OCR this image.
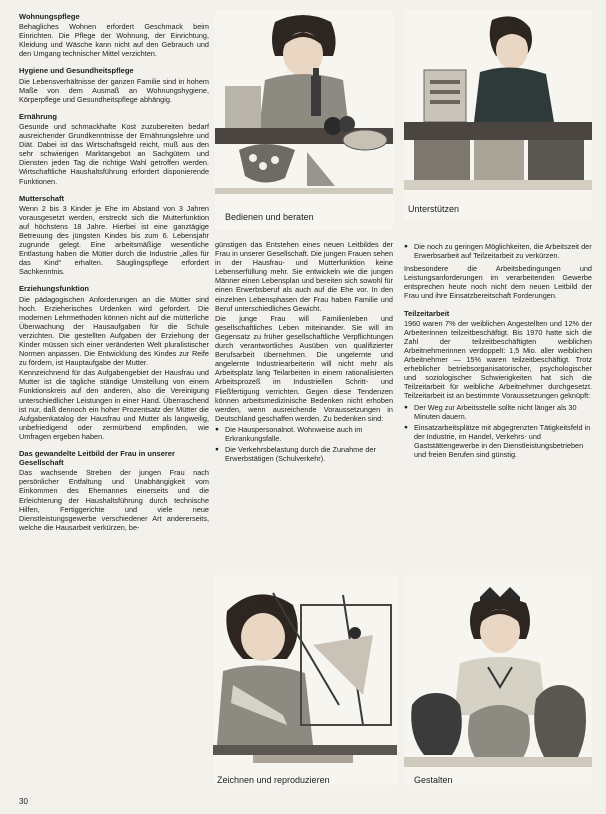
Wohnungspflege
Behagliches Wohnen erfordert Geschmack beim Einrichten. Die Pflege der Wohnung, der Einrichtung, Kleidung und Wäsche kann nicht auf den Gebrauch und den Umgang technischer Mittel verzichten.
Hygiene und Gesundheitspflege
Die Lebensverhältnisse der ganzen Familie sind in hohem Maße von dem Ausmaß an Wohnungshygiene, Körperpflege und Gesundheitspflege abhängig.
Ernährung
Gesunde und schmackhafte Kost zuzubereiten bedarf ausreichender Grundkenntnisse der Ernährungslehre und Diät. Dabei ist das Wirtschaftsgeld reicht, muß aus den sehr schwierigen Marktangebot an Sachgütern und Diensten jeden Tag die richtige Wahl getroffen werden. Wirtschaftliche Haushaltsführung erfordert disponierende Funktionen.
Mutterschaft
Wenn 2 bis 3 Kinder je Ehe im Abstand von 3 Jahren vorausgesetzt werden, erstreckt sich die Mutterfunktion auf höchstens 18 Jahre. Hierbei ist eine ganztägige Betreuung des jüngsten Kindes bis zum 6. Lebensjahr zugrunde gelegt. Eine arbeitsmäßige wesentliche Entlastung haben die Mütter durch die Industrie „alles für das Kind“ erhalten. Säuglingspflege erfordert Sachkenntnis.
Erziehungsfunktion
Die pädagogischen Anforderungen an die Mütter sind hoch. Erzieherisches Urdenken wird gefordert. Die modernen Lehrmethoden können nicht auf die mütterliche Überwachung der Hausaufgaben für die Schule verzichten. Die gestellten Aufgaben der Erziehung der Kinder müssen sich einer veränderten Welt pluralistischer Normen anpassen. Die Entwicklung des Kindes zur Reife zu fördern, ist Hauptaufgabe der Mutter.
Kennzeichnend für das Aufgabengebiet der Hausfrau und Mutter ist die tägliche ständige Umstellung von einem Funktionskreis auf den anderen, also die Vereinigung unterschiedlicher Leistungen in einer Hand. Überraschend ist nur, daß dennoch ein hoher Prozentsatz der Mütter die Aufgabenkatalog der Hausfrau und Mutter als langweilig, unbefriedigend oder zermürbend empfinden, wie Umfragen ergeben haben.
Das gewandelte Leitbild der Frau in unserer Gesellschaft
Das wachsende Streben der jungen Frau nach persönlicher Entfaltung und Unabhängigkeit vom Einkommen des Ehemannes einerseits und die Erleichterung der Haushaltsführung durch technische Hilfen, Fertiggerichte und viele neue Dienstleistungsgewerbe verschiedener Art andererseits, welche die Hausarbeit verkürzen, be-
Bedienen und beraten
Unterstützen
günstigen das Entstehen eines neuen Leitbildes der Frau in unserer Gesellschaft. Die jungen Frauen sehen in der Hausfrau- und Mutterfunktion keine Lebenserfüllung mehr. Sie entwickeln wie die jungen Männer einen Lebensplan und bereiten sich sowohl für einen Erwerbsberuf als auch auf die Ehe vor. In den einzelnen Lebensphasen der Frau haben Familie und Beruf unterschiedliches Gewicht.
Die junge Frau will Familienleben und gesellschaftliches Leben miteinander. Sie will im Gegensatz zu früher gesellschaftliche Verpflichtungen durch verantwortliches Ausüben von qualifizierter Berufsarbeit übernehmen. Die ungelernte und angelernte Industriearbeiterin will nicht mehr als Arbeitsplatz lang Teilarbeiten in einem rationalisierten Arbeitsprozeß im Industriellen Schritt- und Fließfertigung verrichten. Gegen diese Tendenzen können arbeitsmedizinische Bedenken nicht erhoben werden, wenn ausreichende Voraussetzungen in Deutschland geschaffen werden. Zu bedenken sind:
● Die Hauspersonalnot. Wohnweise auch im Erkrankungsfalle.
● Die Verkehrsbelastung durch die Zunahme der Erwerbstätigen (Schulverkehr).
● Die noch zu geringen Möglichkeiten, die Arbeitszeit der Erwerbsarbeit auf Teilzeitarbeit zu verkürzen.
Insbesondere die Arbeitsbedingungen und Leistungsanforderungen im verarbeitenden Gewerbe entsprechen heute noch nicht dem neuen Leitbild der Frau und ihre Einsatzbereitschaft Forderungen.
Teilzeitarbeit
1960 waren 7% der weiblichen Angestellten und 12% der Arbeiterinnen teilzeitbeschäftigt. Bis 1970 hatte sich die Zahl der teilzeitbeschäftigten weiblichen Arbeitnehmerinnen verdoppelt: 1,5 Mio. aller weiblichen Arbeitnehmer — 15% waren teilzeitbeschäftigt. Trotz erheblicher betriebsorganisatorischer, psychologischer und soziologischer Schwierigkeiten hat sich die Teilzeitarbeit für weibliche Arbeitnehmer durchgesetzt. Teilzeitarbeit ist an bestimmte Voraussetzungen geknüpft:
● Der Weg zur Arbeitsstelle sollte nicht länger als 30 Minuten dauern.
● Einsatzarbeitsplätze mit abgegrenzten Tätigkeitsfeld in der Industrie, im Handel, Verkehrs- und Gaststättengewerbe in den Dienstleistungsbetrieben und freien Berufen sind günstig.
Zeichnen und reproduzieren	Gestalten
30
